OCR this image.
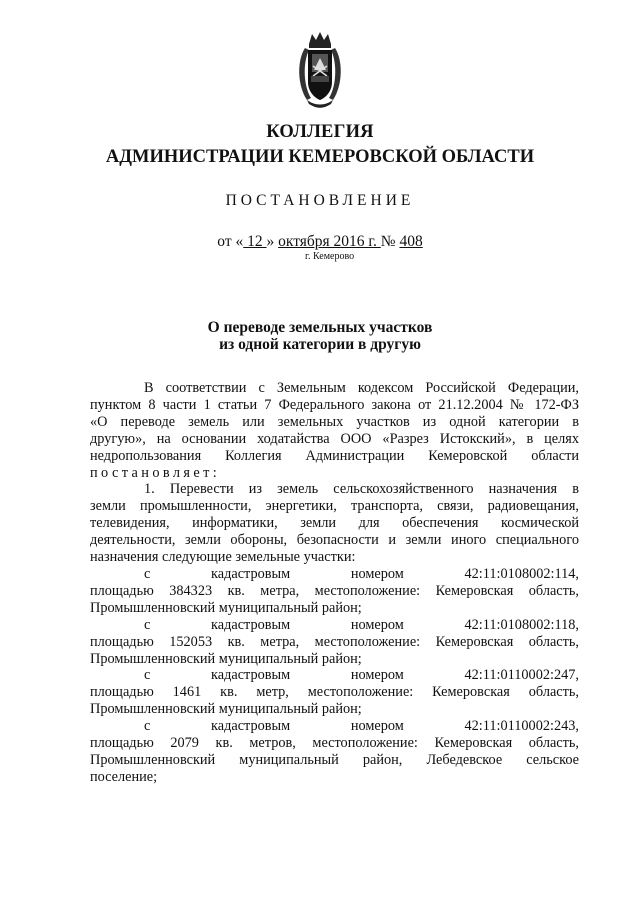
КОЛЛЕГИЯ
АДМИНИСТРАЦИИ КЕМЕРОВСКОЙ ОБЛАСТИ
ПОСТАНОВЛЕНИЕ
от « 12 » октября 2016 г. № 408
г. Кемерово
О переводе земельных участков
из одной категории в другую

В соответствии с Земельным кодексом Российской Федерации,
пунктом 8 части 1 статьи 7 Федерального закона от 21.12.2004 № 172-ФЗ
«О переводе земель или земельных участков из одной категории в
другую», на основании ходатайства ООО «Разрез Истокский», в целях
недропользования Коллегия Администрации Кемеровской области
постановляет:

1. Перевести из земель сельскохозяйственного назначения в
земли промышленности, энергетики, транспорта, связи, радиовещания,
телевидения, информатики, земли для обеспечения космической
деятельности, земли обороны, безопасности и земли иного специального
назначения следующие земельные участки:

с кадастровым номером 42:11:0108002:114,
площадью 384323 кв. метра, местоположение: Кемеровская область,
Промышленновский муниципальный район;

с кадастровым номером 42:11:0108002:118,
площадью 152053 кв. метра, местоположение: Кемеровская область,
Промышленновский муниципальный район;

с кадастровым номером 42:11:0110002:247,
площадью 1461 кв. метр, местоположение: Кемеровская область,
Промышленновский муниципальный район;

с кадастровым номером 42:11:0110002:243,
площадью 2079 кв. метров, местоположение: Кемеровская область,
Промышленновский муниципальный район, Лебедевское сельское
поселение;
